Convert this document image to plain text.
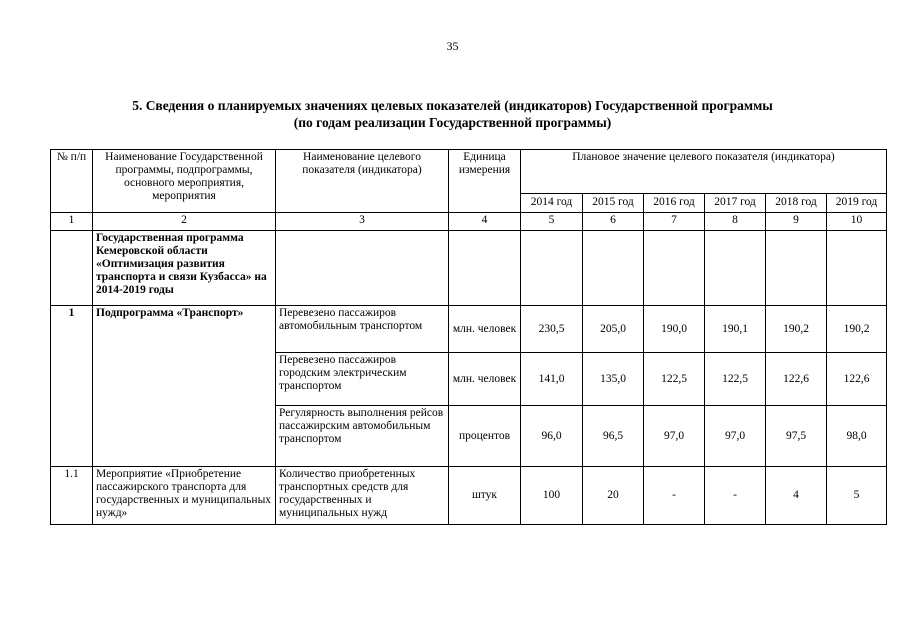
35
5. Сведения о планируемых значениях целевых показателей (индикаторов) Государственной программы
(по годам реализации Государственной программы)
№ п/п	Наименование Государственной программы, подпрограммы, основного мероприятия, мероприятия	Наименование целевого показателя (индикатора)	Единица измерения	Плановое значение целевого показателя (индикатора)					
				2014 год	2015 год	2016 год	2017 год	2018 год	2019 год
1	2	3	4	5	6	7	8	9	10
	Государственная программа Кемеровской области «Оптимизация развития транспорта и связи Кузбасса» на 2014-2019 годы								
1	Подпрограмма «Транспорт»	Перевезено пассажиров автомобильным транспортом	млн. человек	230,5	205,0	190,0	190,1	190,2	190,2
		Перевезено пассажиров городским электрическим транспортом	млн. человек	141,0	135,0	122,5	122,5	122,6	122,6
		Регулярность выполнения рейсов пассажирским автомобильным транспортом	процентов	96,0	96,5	97,0	97,0	97,5	98,0
1.1	Мероприятие «Приобретение пассажирского транспорта для государственных и муниципальных нужд»	Количество приобретенных транспортных средств для государственных и муниципальных нужд	штук	100	20	-	-	4	5
